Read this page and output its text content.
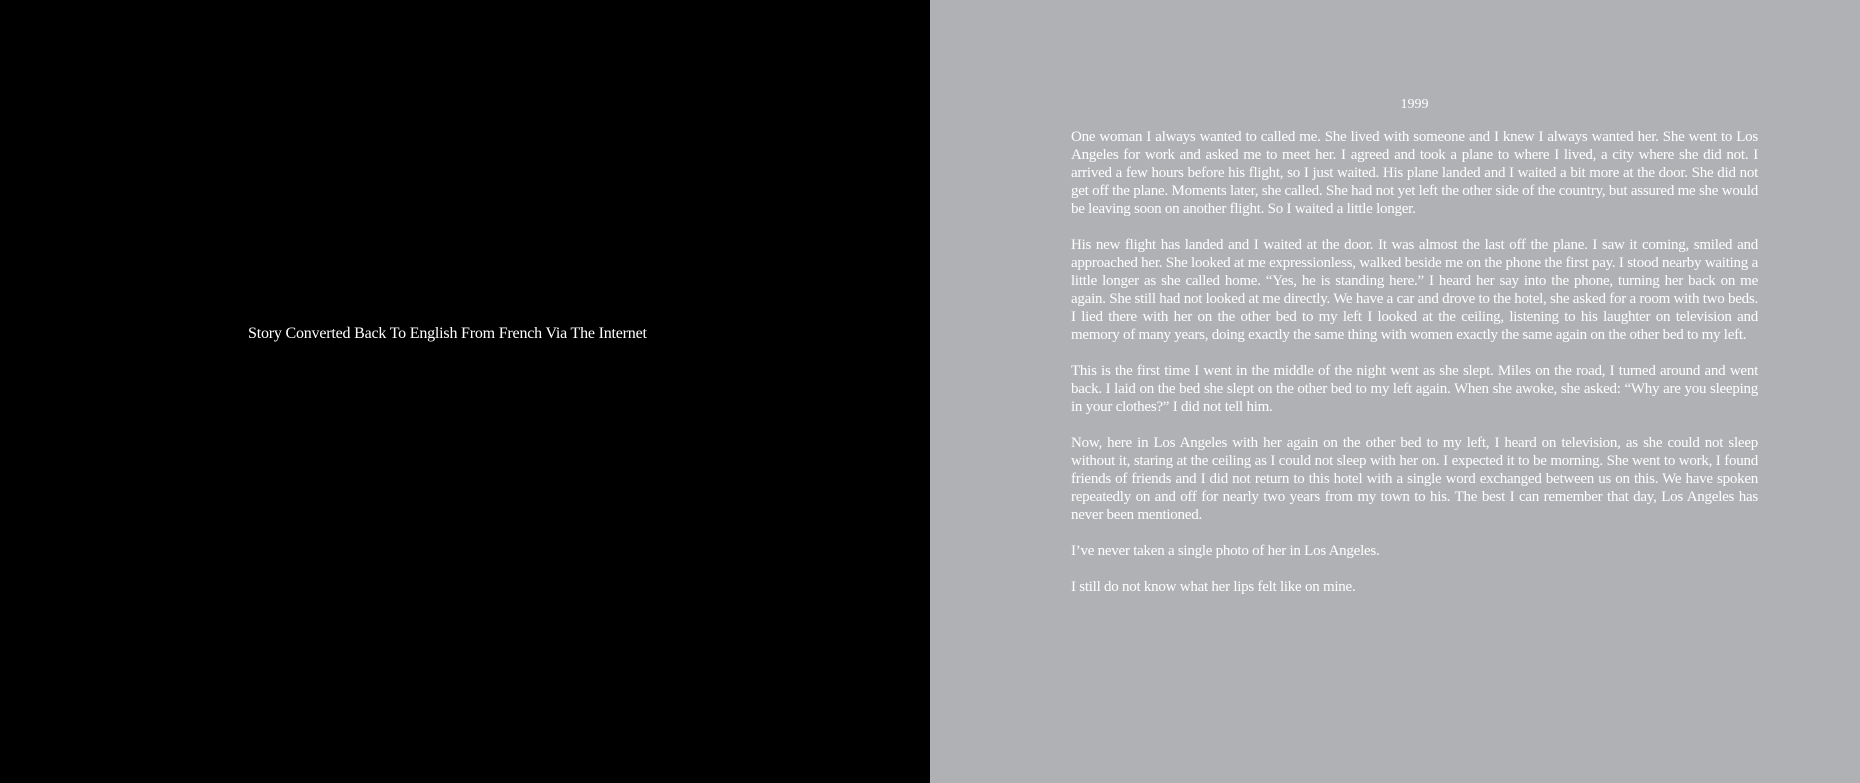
Story Converted Back To English From French Via The Internet
1999

One woman I always wanted to called me. She lived with someone and I knew I always wanted her. She went to Los Angeles for work and asked me to meet her. I agreed and took a plane to where I lived, a city where she did not. I arrived a few hours before his flight, so I just waited. His plane landed and I waited a bit more at the door. She did not get off the plane. Moments later, she called. She had not yet left the other side of the country, but assured me she would be leaving soon on another flight. So I waited a little longer.

His new flight has landed and I waited at the door. It was almost the last off the plane. I saw it coming, smiled and approached her. She looked at me expressionless, walked beside me on the phone the first pay. I stood nearby waiting a little longer as she called home. “Yes, he is standing here.” I heard her say into the phone, turning her back on me again. She still had not looked at me directly. We have a car and drove to the hotel, she asked for a room with two beds. I lied there with her on the other bed to my left I looked at the ceiling, listening to his laughter on television and memory of many years, doing exactly the same thing with women exactly the same again on the other bed to my left.

This is the first time I went in the middle of the night went as she slept. Miles on the road, I turned around and went back. I laid on the bed she slept on the other bed to my left again. When she awoke, she asked: “Why are you sleeping in your clothes?” I did not tell him.

Now, here in Los Angeles with her again on the other bed to my left, I heard on television, as she could not sleep without it, staring at the ceiling as I could not sleep with her on. I expected it to be morning. She went to work, I found friends of friends and I did not return to this hotel with a single word exchanged between us on this. We have spoken repeatedly on and off for nearly two years from my town to his. The best I can remember that day, Los Angeles has never been mentioned.

I’ve never taken a single photo of her in Los Angeles.

I still do not know what her lips felt like on mine.
